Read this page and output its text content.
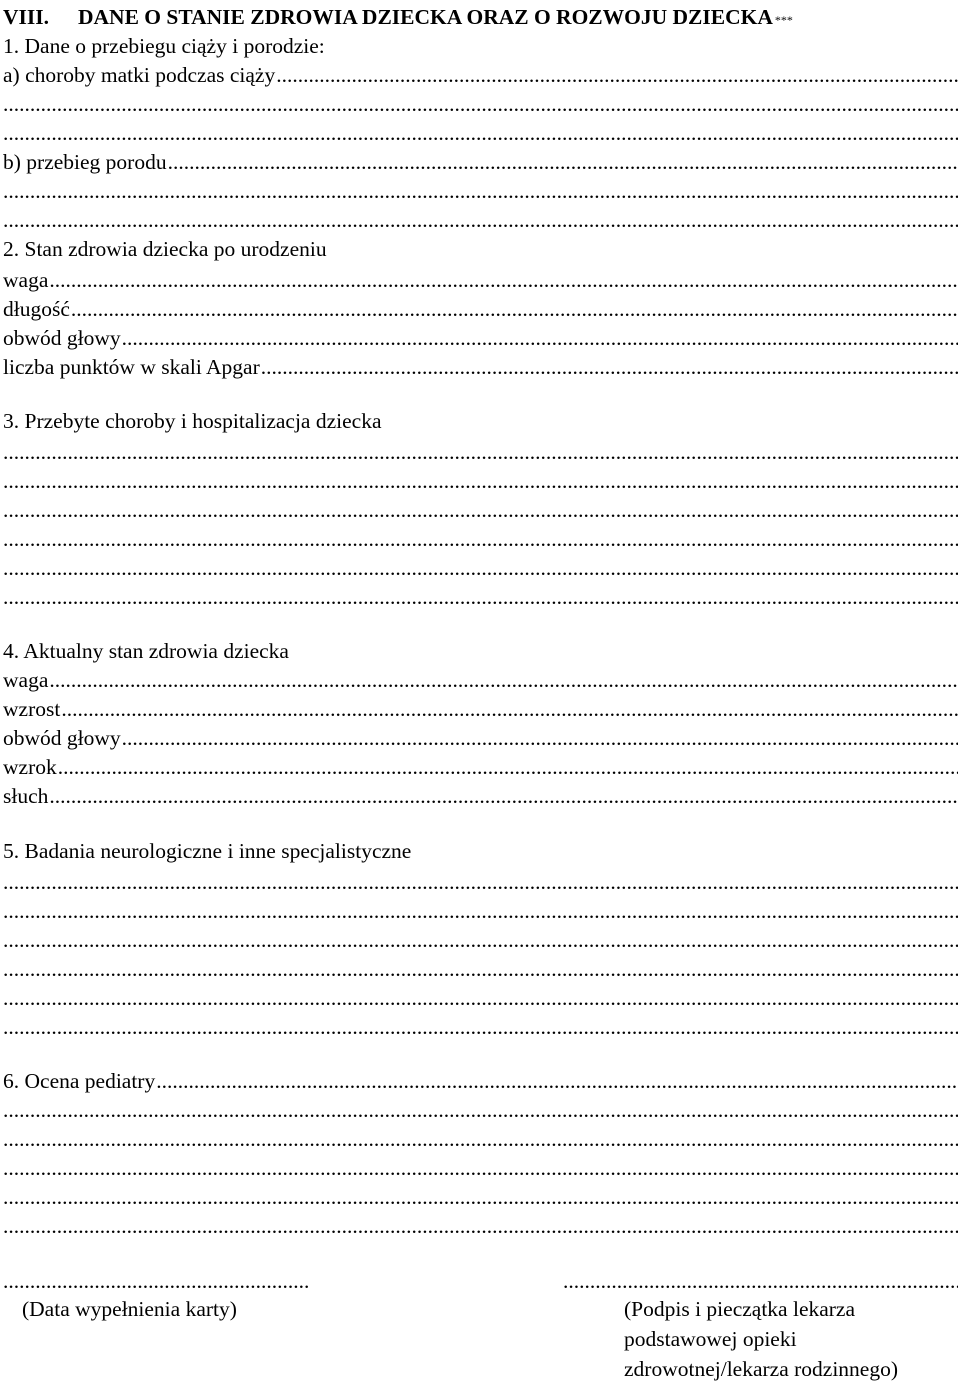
VIII.	DANE O STANIE ZDROWIA DZIECKA ORAZ O ROZWOJU DZIECKA ***
1. Dane o przebiegu ciąży i porodzie:
a) choroby matki podczas ciąży
.....
.....
.....
b) przebieg porodu
.....
.....
.....
2. Stan zdrowia dziecka po urodzeniu
waga
.....
długość
.....
obwód głowy
.....
liczba punktów w skali Apgar
.....
3. Przebyte choroby i hospitalizacja dziecka
.....
.....
.....
.....
.....
.....
4. Aktualny stan zdrowia dziecka
waga
.....
wzrost
.....
obwód głowy
.....
wzrok
.....
słuch
.....
5. Badania neurologiczne i inne specjalistyczne
.....
.....
.....
.....
.....
.....
6. Ocena pediatry
.....
.....
.....
.....
.....
.....
.....
.....
(Data wypełnienia karty)	(Podpis i pieczątka lekarza
podstawowej opieki
zdrowotnej/lekarza rodzinnego)
